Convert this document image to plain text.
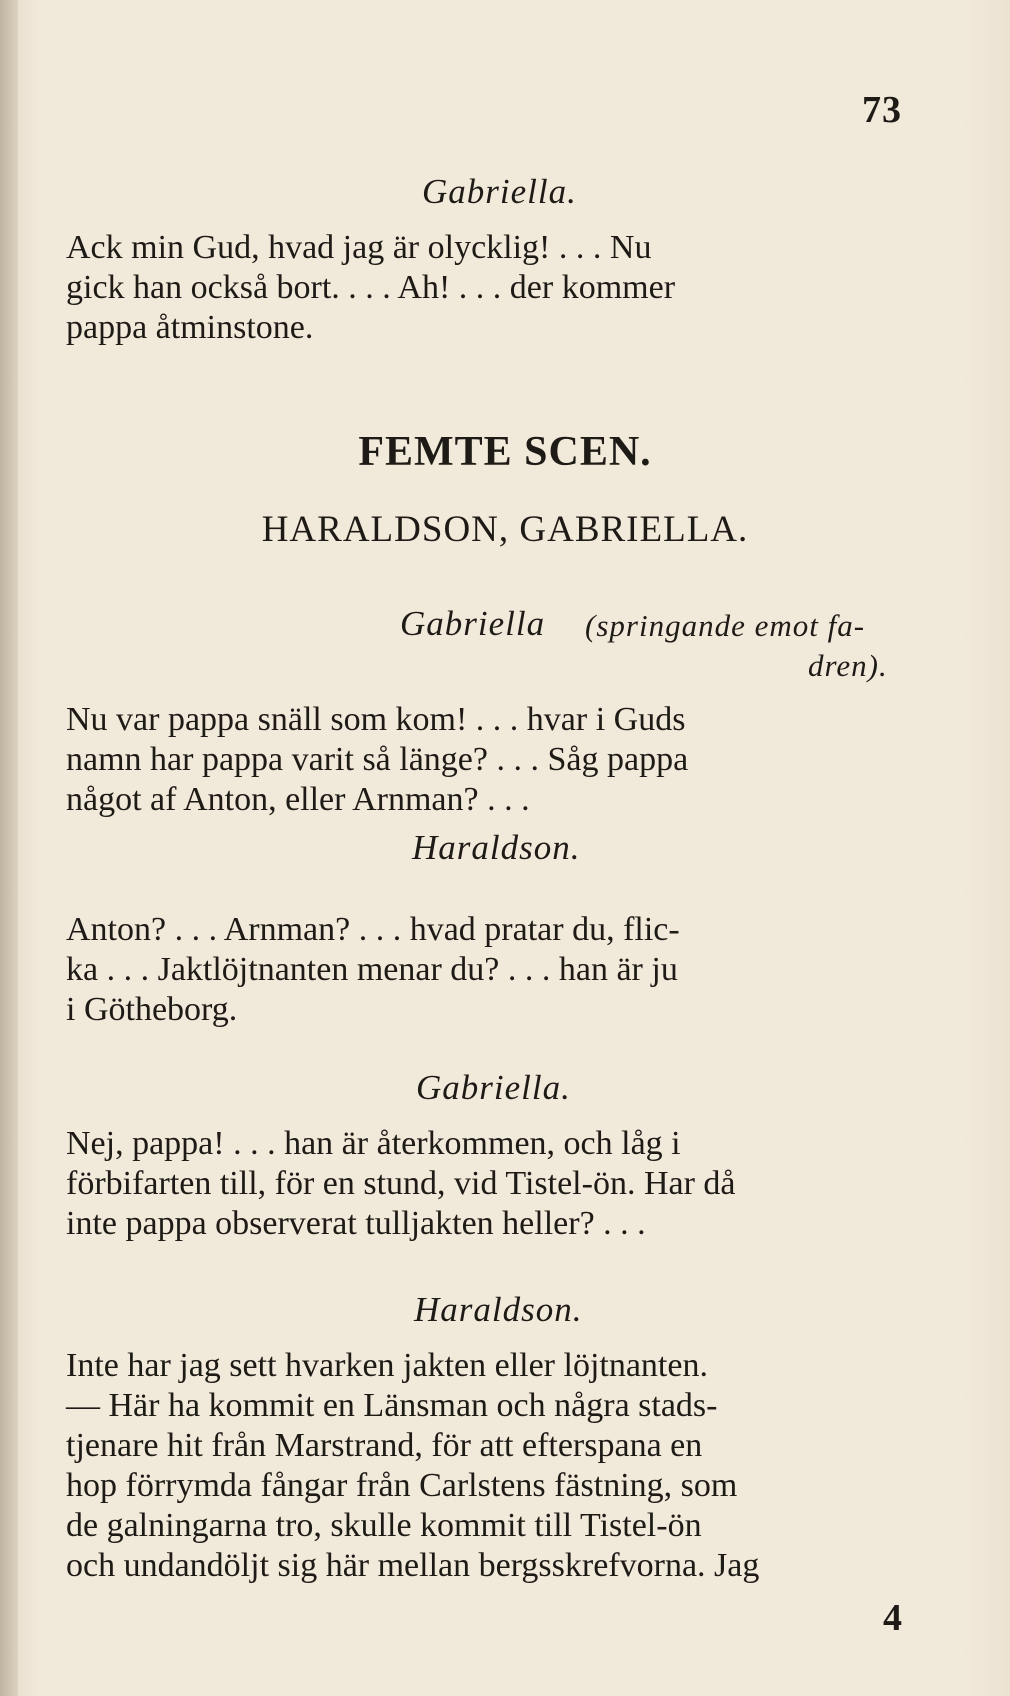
73
Gabriella.
Ack min Gud, hvad jag är olycklig! . . . Nu
gick han också bort. . . . Ah! . . . der kommer
pappa åtminstone.
FEMTE SCEN.
HARALDSON, GABRIELLA.
Gabriella (springande emot fa-
dren).
Nu var pappa snäll som kom! . . . hvar i Guds
namn har pappa varit så länge? . . . Såg pappa
något af Anton, eller Arnman? . . .
Haraldson.
Anton? . . . Arnman? . . . hvad pratar du, flic-
ka . . . Jaktlöjtnanten menar du? . . . han är ju
i Götheborg.
Gabriella.
Nej, pappa! . . . han är återkommen, och låg i
förbifarten till, för en stund, vid Tistel-ön. Har då
inte pappa observerat tulljakten heller? . . .
Haraldson.
Inte har jag sett hvarken jakten eller löjtnanten.
— Här ha kommit en Länsman och några stads-
tjenare hit från Marstrand, för att efterspana en
hop förrymda fångar från Carlstens fästning, som
de galningarna tro, skulle kommit till Tistel-ön
och undandöljt sig här mellan bergsskrefvorna. Jag
4
